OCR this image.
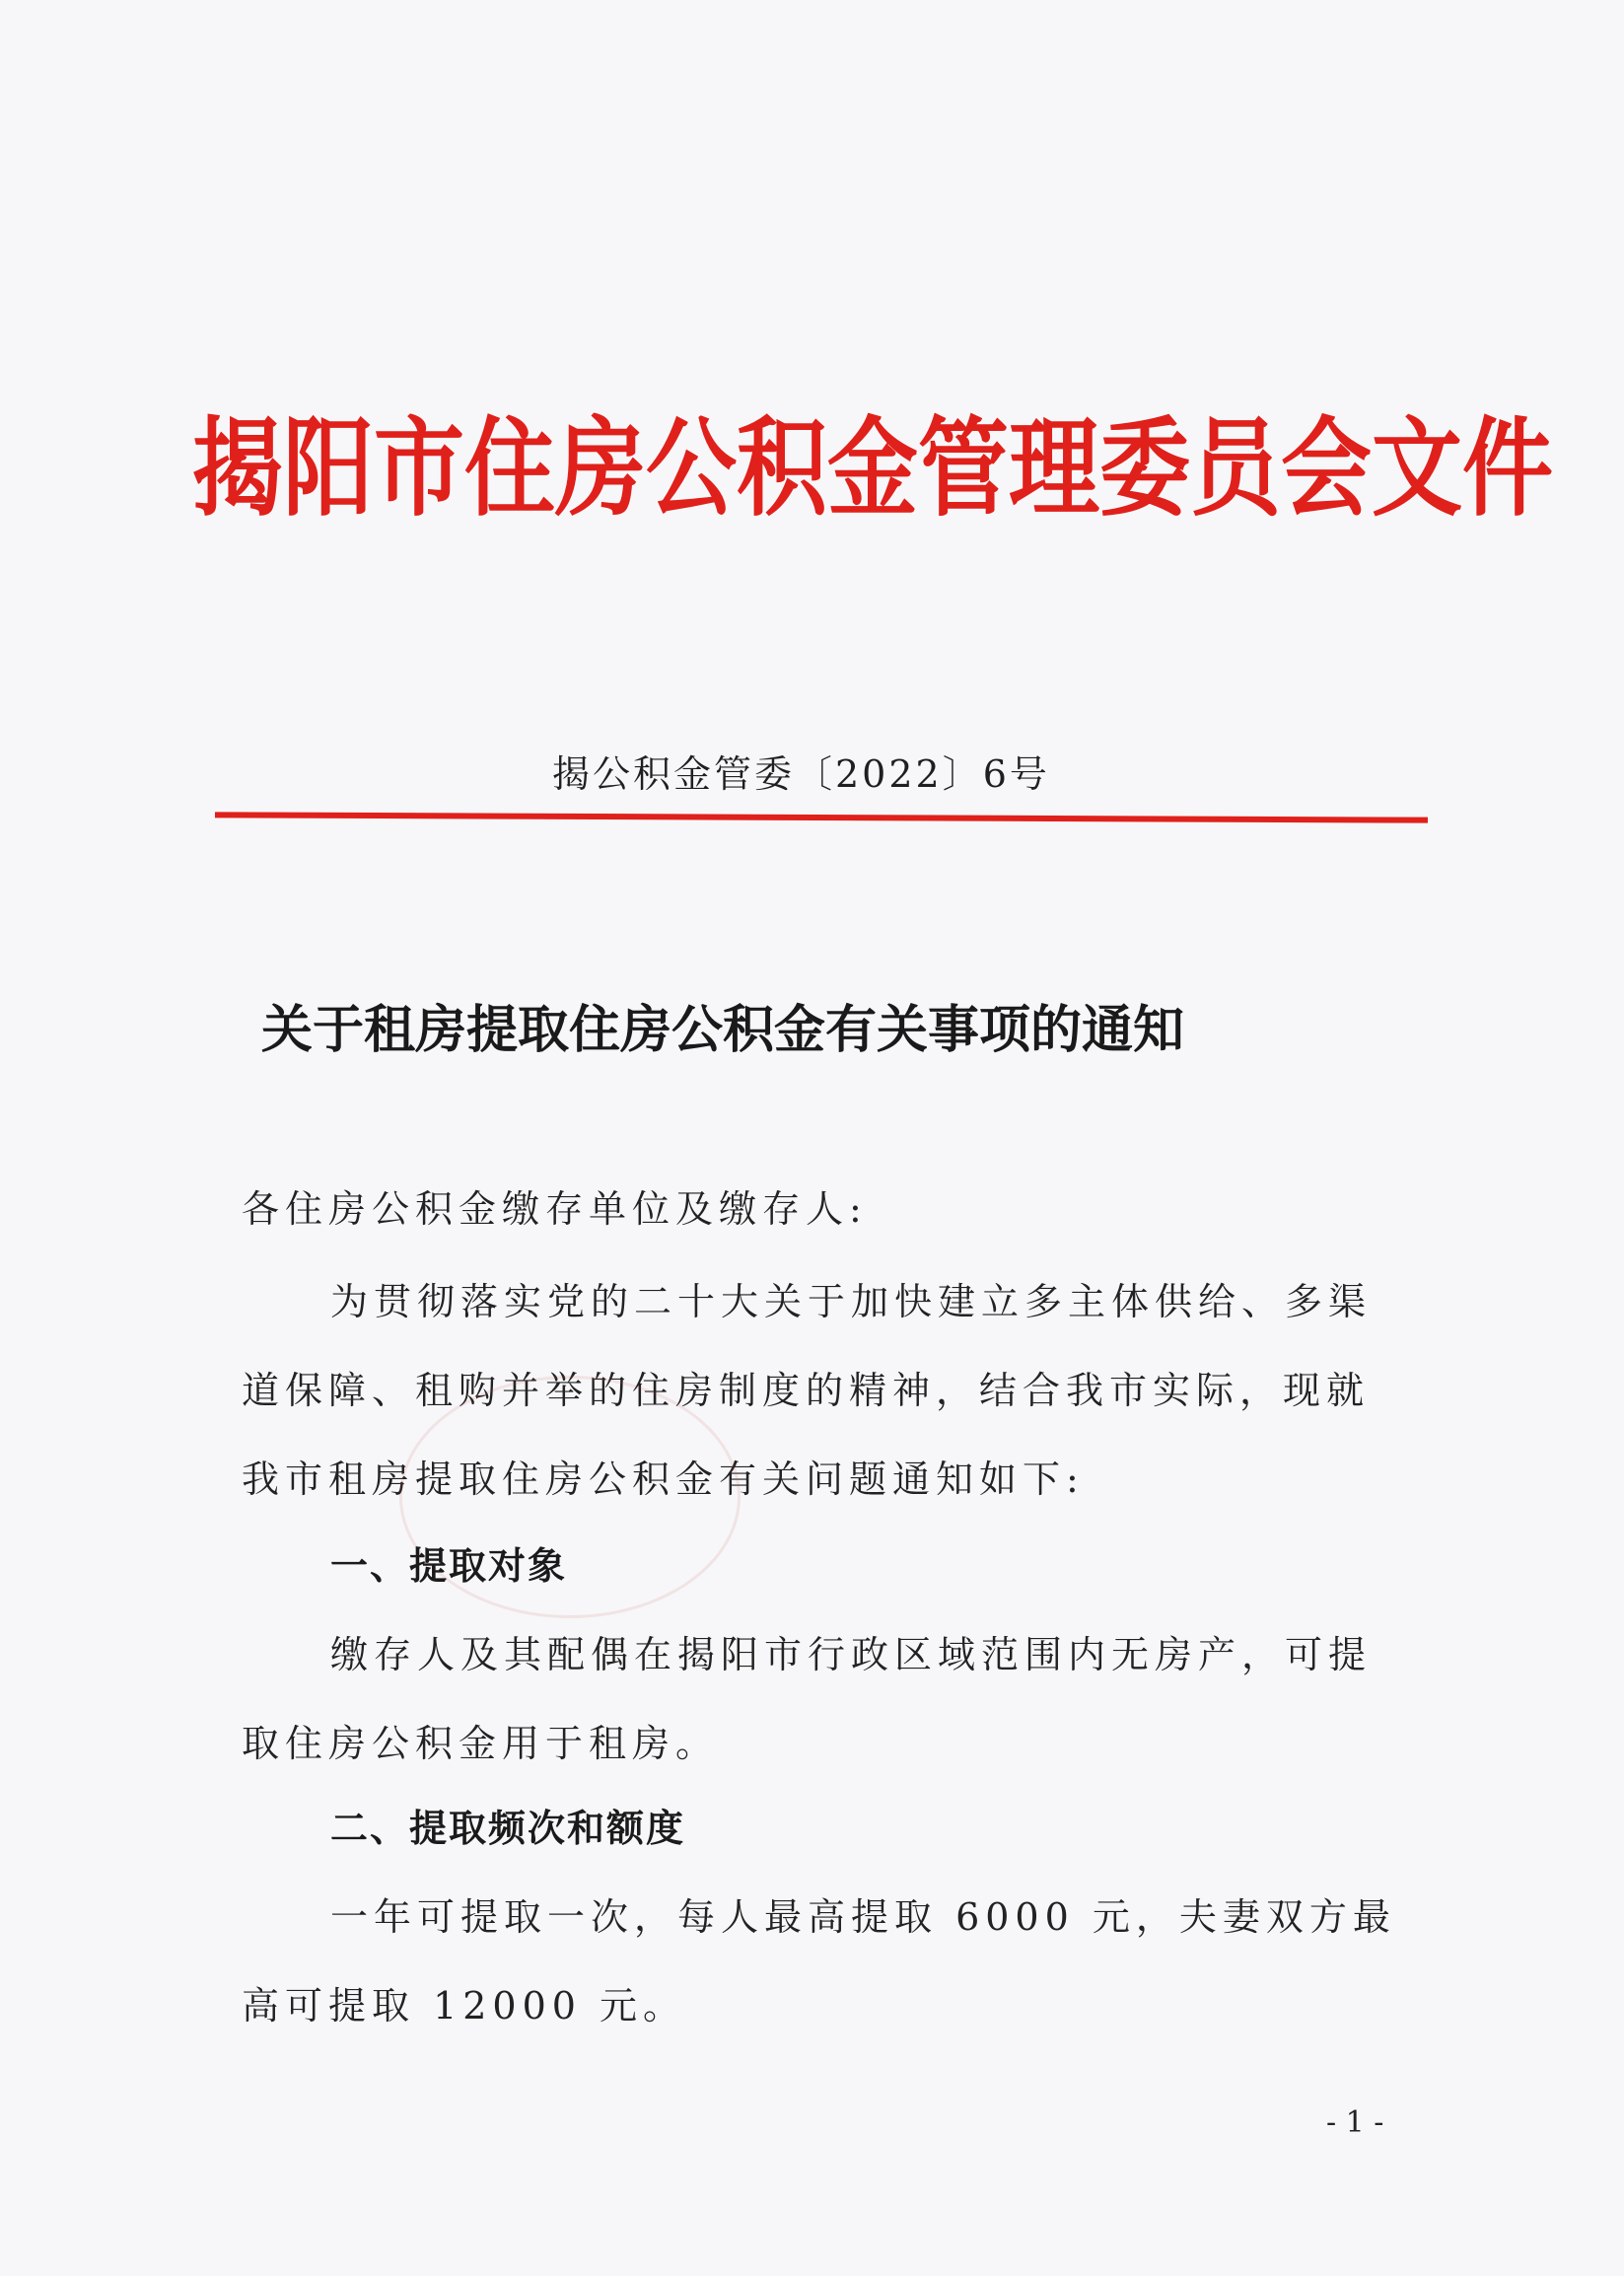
揭阳市住房公积金管理委员会文件
揭公积金管委〔2022〕6号
关于租房提取住房公积金有关事项的通知
各住房公积金缴存单位及缴存人:
为贯彻落实党的二十大关于加快建立多主体供给、多渠
道保障、租购并举的住房制度的精神，结合我市实际，现就
我市租房提取住房公积金有关问题通知如下:
一、提取对象
缴存人及其配偶在揭阳市行政区域范围内无房产，可提
取住房公积金用于租房。
二、提取频次和额度
一年可提取一次，每人最高提取 6000 元，夫妻双方最
高可提取 12000 元。
- 1 -
